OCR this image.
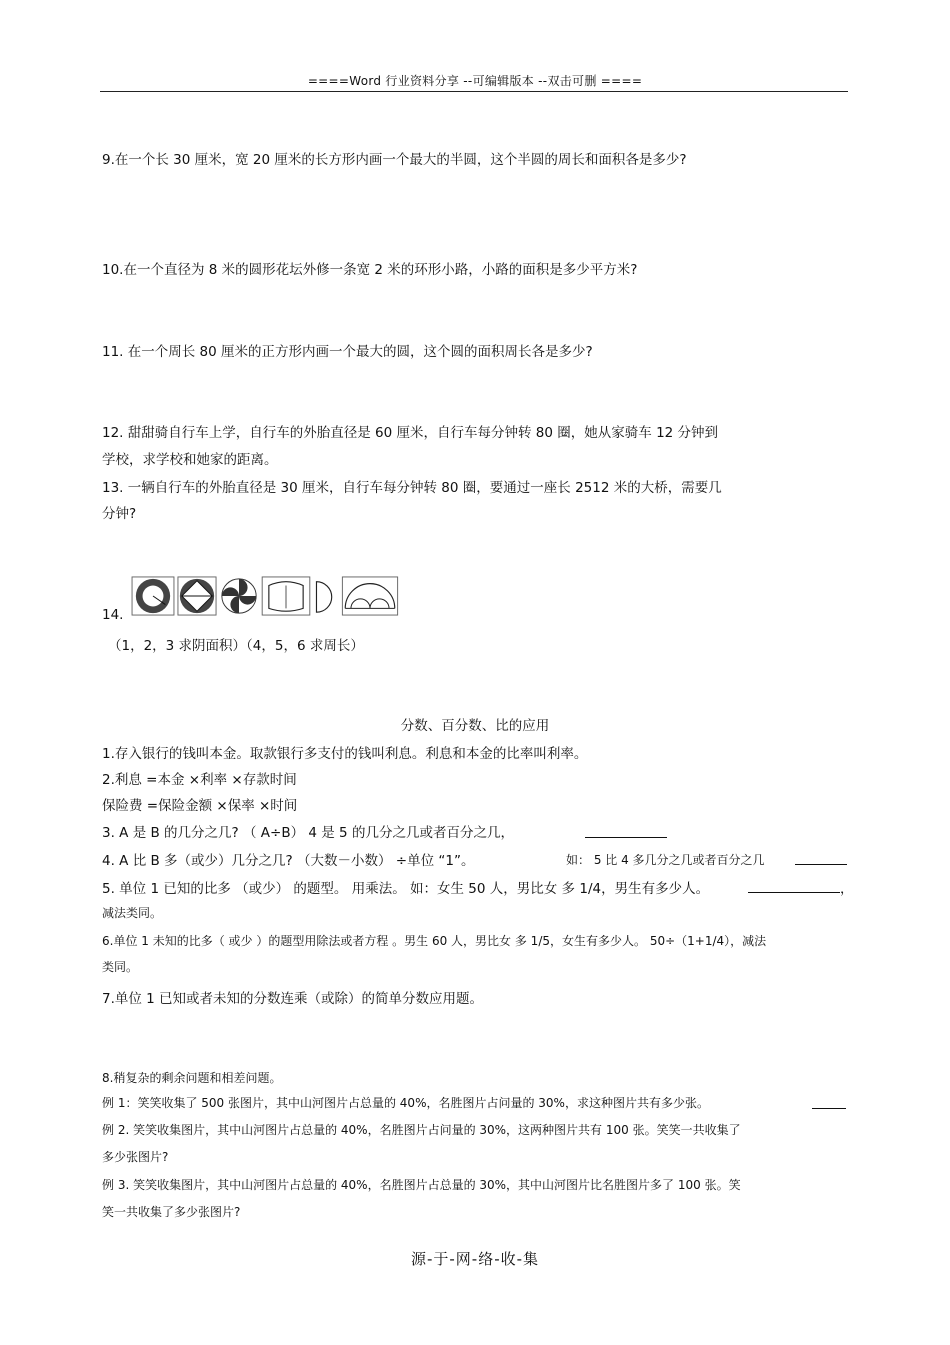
====Word 行业资料分享 --可编辑版本 --双击可删 ====
9.在一个长 30 厘米，宽 20 厘米的长方形内画一个最大的半圆，这个半圆的周长和面积各是多少?
10.在一个直径为 8 米的圆形花坛外修一条宽 2 米的环形小路，小路的面积是多少平方米?
11. 在一个周长 80 厘米的正方形内画一个最大的圆，这个圆的面积周长各是多少?
12. 甜甜骑自行车上学，自行车的外胎直径是 60 厘米，自行车每分钟转 80 圈，她从家骑车 12 分钟到
学校，求学校和她家的距离。
13. 一辆自行车的外胎直径是 30 厘米，自行车每分钟转 80 圈，要通过一座长 2512 米的大桥，需要几
分钟?
14.
（1，2，3 求阴面积）（4，5，6 求周长）
分数、百分数、比的应用
1.存入银行的钱叫本金。取款银行多支付的钱叫利息。利息和本金的比率叫利率。
2.利息 =本金 ×利率 ×存款时间
保险费 =保险金额 ×保率 ×时间
3. A 是 B 的几分之几? （ A÷B） 4 是 5 的几分之几或者百分之几，
4. A 比 B 多（或少）几分之几? （大数－小数） ÷单位 “1”。	如： 5 比 4 多几分之几或者百分之几
5. 单位 1 已知的比多 （或少） 的题型。 用乘法。 如：女生 50 人，男比女 多 1/4，男生有多少人。	，
减法类同。
6.单位 1 未知的比多（ 或少 ）的题型用除法或者方程 。男生 60 人，男比女 多 1/5，女生有多少人。 50÷（1+1/4），减法
类同。
7.单位 1 已知或者未知的分数连乘（或除）的简单分数应用题。
8.稍复杂的剩余问题和相差问题。
例 1：笑笑收集了 500 张图片，其中山河图片占总量的 40%，名胜图片占问量的 30%，求这种图片共有多少张。
例 2. 笑笑收集图片，其中山河图片占总量的 40%，名胜图片占问量的 30%，这两种图片共有 100 张。笑笑一共收集了
多少张图片?
例 3. 笑笑收集图片，其中山河图片占总量的 40%，名胜图片占总量的 30%，其中山河图片比名胜图片多了 100 张。笑
笑一共收集了多少张图片?
源-于-网-络-收-集
